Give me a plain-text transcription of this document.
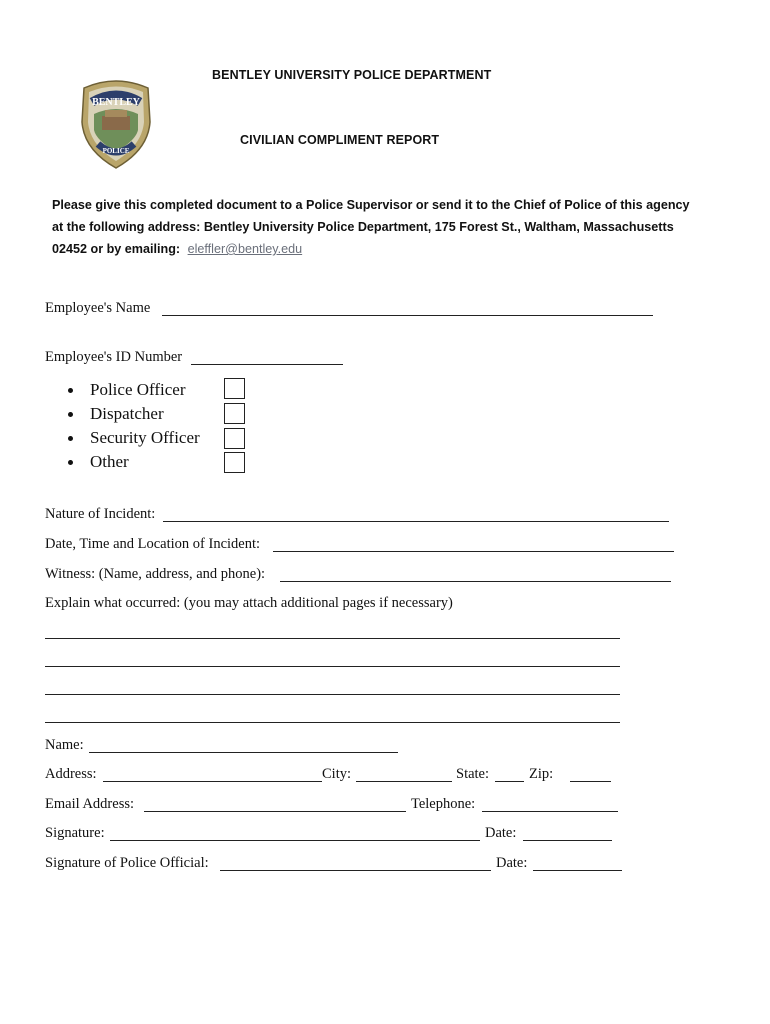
BENTLEY
POLICE
BENTLEY UNIVERSITY POLICE DEPARTMENT
CIVILIAN COMPLIMENT REPORT
Please give this completed document to a Police Supervisor or send it to the Chief of Police of this agency
at the following address: Bentley University Police Department, 175 Forest St., Waltham, Massachusetts
02452 or by emailing: eleffler@bentley.edu
Employee's Name
Employee's ID Number
Police Officer
Dispatcher
Security Officer
Other
Nature of Incident:
Date, Time and Location of Incident:
Witness: (Name, address, and phone):
Explain what occurred: (you may attach additional pages if necessary)
Name:
Address:	City:	State:	Zip:
Email Address:	Telephone:
Signature:	Date:
Signature of Police Official:	Date:
